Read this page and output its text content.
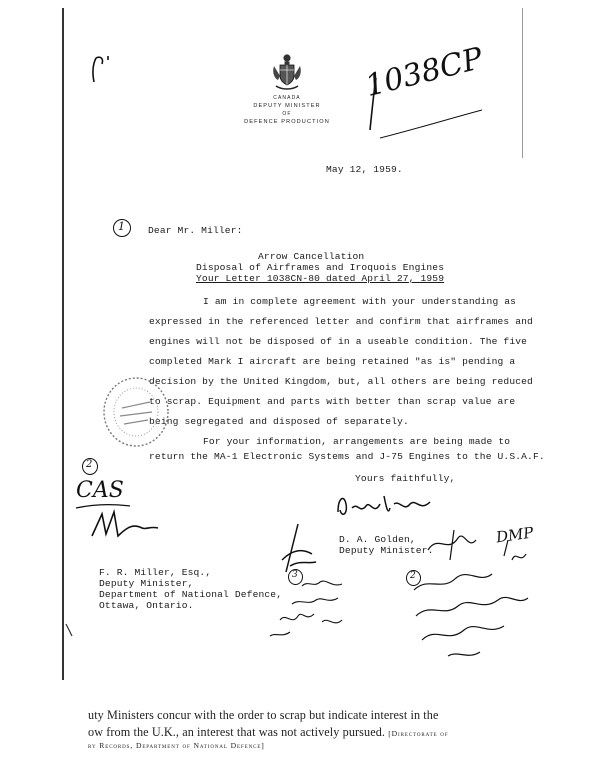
CANADA
DEPUTY MINISTER
OF
DEFENCE PRODUCTION
1038CP
May 12, 1959.
1 Dear Mr. Miller:
Arrow Cancellation
Disposal of Airframes and Iroquois Engines
Your Letter 1038CN-80 dated April 27, 1959
I am in complete agreement with your understanding as
expressed in the referenced letter and confirm that airframes and
engines will not be disposed of in a useable condition. The five
completed Mark I aircraft are being retained "as is" pending a
decision by the United Kingdom, but, all others are being reduced
to scrap. Equipment and parts with better than scrap value are
being segregated and disposed of separately.
For your information, arrangements are being made to
return the MA-1 Electronic Systems and J-75 Engines to the U.S.A.F.
Yours faithfully,
2
CAS
D. A. Golden,
Deputy Minister.
F. R. Miller, Esq.,
Deputy Minister,
Department of National Defence,
Ottawa, Ontario.
3	2
DMP
uty Ministers concur with the order to scrap but indicate interest in the
ow from the U.K., an interest that was not actively pursued. [Directorate of
ry Records, Department of National Defence]
